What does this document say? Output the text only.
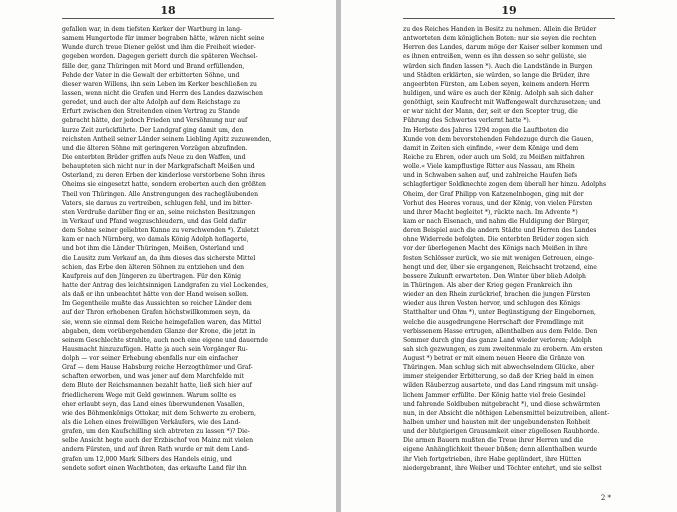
18
gefallen war, in dem tiefsten Kerker der Wartburg in lang-
samem Hungertode für immer begraben hätte, wären nicht seine
Wunde durch treue Diener gelöst und ihm die Freiheit wieder-
gegeben worden. Dagegen geriett durch die späteren Wechsel-
fälle der, ganz Thüringen mit Mord und Brand erfüllenden,
Fehde der Vater in die Gewalt der erbitterten Söhne, und
dieser waren Willens, ihn sein Leben im Kerker beschließen zu
lassen, wenn nicht die Grafen und Herrn des Landes dazwischen
geredet, und auch der alte Adolph auf dem Reichstage zu
Erfurt zwischen den Streitenden einen Vertrag zu Stande
gebracht hätte, der jedoch Frieden und Versöhnung nur auf
kurze Zeit zurückführte. Der Landgraf ging damit um, den
reichsten Antheil seiner Länder seinem Liebling Apitz zuzuwenden,
und die älteren Söhne mit geringeren Vorzügen abzufinden.
Die enterbten Brüder griffen aufs Neue zu den Waffen, und
behaupteten sich nicht nur in der Markgrafschaft Meißen und
Osterland, zu deren Erben der kinderlose verstorbene Sohn ihres
Oheims sie eingesetzt hatte, sondern eroberten auch den größten
Theil von Thüringen. Alle Anstrengungen des rachegläubenden
Vaters, sie daraus zu vertreiben, schlugen fehl, und im bitter-
sten Verdruße darüber fing er an, seine reichsten Besitzungen
in Verkauf und Pfand wegzuschleudern, und das Geld dafür
dem Sohne seiner geliebten Kunne zu verschwenden *). Zuletzt
kam er nach Nürnberg, wo damals König Adolph hoflagerte,
und bot ihm die Länder Thüringen, Meißen, Osterland und
die Lausitz zum Verkauf an, da ihm dieses das sicherste Mittel
schien, das Erbe den älteren Söhnen zu entziehen und den
Kaufpreis auf den Jüngeren zu übertragen. Für den König
hatte der Antrag des leichtsinnigen Landgrafen zu viel Lockendes,
als daß er ihn unbeachtet hätte von der Hand weisen sollen.
Im Gegentheile mußte das Aussichten so reicher Länder dem
auf der Thron erhobenen Grafen höchstwillkommen seyn, da
sie, wenn sie einmal dem Reiche heimgefallen waren, das Mittel
abgaben, dem vorübergehenden Glanze der Krone, die jetzt in
seinem Geschlechte strahlte, auch noch eine eigene und dauernde
Hausmacht hinzuzufügen. Hatte ja auch sein Vorgänger Ru-
dolph — vor seiner Erhebung ebenfalls nur ein einfacher
Graf — dem Hause Habsburg reiche Herzogthümer und Graf-
schaften erworben, und was jener auf dem Marchfelde mit
dem Blute der Reichsmannen bezahlt hatte, ließ sich hier auf
friedlicherem Wege mit Geld gewinnen. Warum sollte es
eher erlaubt seyn, das Land eines überwundenen Vasallen,
wie des Böhmenkönigs Ottokar, mit dem Schwerte zu erobern,
als die Lehen eines freiwilligen Verkäufers, wie des Land-
grafen, um den Kaufschilling sich abtreten zu lassen *)? Die-
selbe Ansicht hegte auch der Erzbischof von Mainz mit vielen
andern Fürsten, und auf ihren Rath wurde er mit dem Land-
grafen um 12,000 Mark Silbers des Handels einig, und
sendete sofort einen Wachtboten, das erkaufte Land für ihn
19
zu des Reiches Handen in Besitz zu nehmen. Allein die Brüder
antworteten dem königlichen Boten: nur sie seyen die rechten
Herren des Landes, darum möge der Kaiser selber kommen und
es ihnen entreißen, wenn es ihn dessen so sehr gelüste, sie
würden sich finden lassen *). Auch die Landstände in Burgen
und Städten erklärten, sie würden, so lange die Brüder, ihre
angeerbten Fürsten, am Leben seyen, keinem andern Herrn
huldigen, und wäre es auch der König. Adolph sah sich daher
genöthigt, sein Kaufrecht mit Waffengewalt durchzusetzen; und
er war nicht der Mann, der, seit er den Scepter trug, die
Führung des Schwertes verlernt hatte *).
Im Herbste des Jahres 1294 zogen die Lauftboten die
Kunde von dem bevorstehenden Fehdezuge durch die Gauen,
damit in Zeiten sich einfinde, »wer dem Könige und dem
Reiche zu Ehren, oder auch um Sold, zu Meißen mitfahren
wolle.« Viele kampflustige Ritter aus Nassau, am Rhein
und in Schwaben sahen auf, und zahlreiche Haufen liefs
schlagfertiger Soldknechte zogen dem überall her hinzu. Adolphs
Oheim, der Graf Philipp von Katzenelnbogen, ging mit der
Vorhut des Heeres voraus, und der König, von vielen Fürsten
und ihrer Macht begleitet *), rückte nach. Im Advente *)
kam er nach Eisenach, und nahm die Huldigung der Bürger,
deren Beispiel auch die andern Städte und Herren des Landes
ohne Widerrede befolgten. Die enterbten Brüder zogen sich
vor der überlegenen Macht des Königs nach Meißen in ihre
festen Schlösser zurück, wo sie mit wenigen Getreuen, einge-
hengt und der, über sie ergangenen, Reichsacht trotzend, eine
bessere Zukunft erwarteten. Den Winter über blieb Adolph
in Thüringen. Als aber der Krieg gegen Frankreich ihn
wieder an den Rhein zurückrief, brachen die jungen Fürsten
wieder aus ihren Vesten hervor, und schlugen des Königs
Statthalter und Ohm *), unter Begünstigung der Eingebornen,
welche die ausgedrungene Herrschaft der Fremdlinge mit
verbissenem Hasse ertrugen, allenthalben aus dem Felde. Den
Sommer durch ging das ganze Land wieder verloren; Adolph
sah sich gezwungen, es zum zweitenmale zu erobern. Am ersten
August *) betrat er mit einem neuen Heere die Gränze von
Thüringen. Man schlug sich mit abwechselndem Glücke, aber
immer steigender Erbitterung, so daß der Krieg bald in einen
wilden Räuberzug ausartete, und das Land ringsum mit unsäg-
lichem Jammer erfüllte. Der König hatte viel freie Gesindel
und fahrende Soldbuben mitgebracht *), und diese schwärmten
nun, in der Absicht die nöthigen Lebensmittel beizutreiben, allent-
halben umher und hausten mit der ungebundensten Rohheit
und der blutgierigen Grausamkeit einer zügellosen Raubhorde.
Die armen Bauern mußten die Treue ihrer Herren und die
eigene Anhänglichkeit theuer büßen; denn allenthalben wurde
ihr Vieh fortgetrieben, ihre Habe geplündert, ihre Hütten
niedergebrannt, ihre Weiber und Töchter entehrt, und sie selbst
2 *
